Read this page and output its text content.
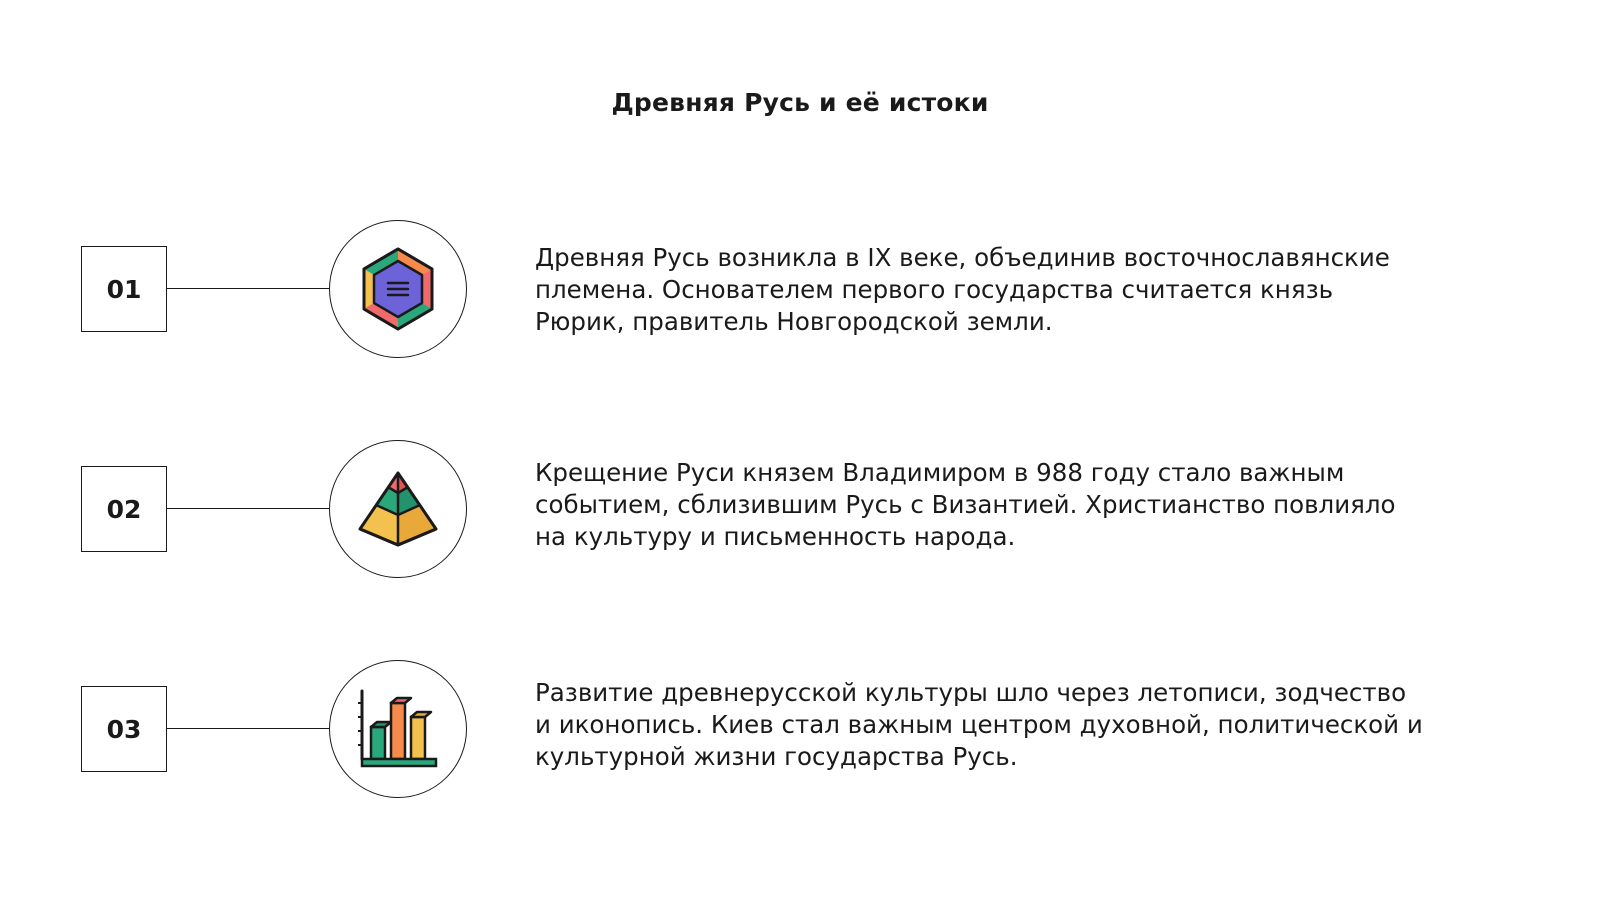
Древняя Русь и её истоки
01
Древняя Русь возникла в IX веке, объединив восточнославянские
племена. Основателем первого государства считается князь
Рюрик, правитель Новгородской земли.
02
Крещение Руси князем Владимиром в 988 году стало важным
событием, сблизившим Русь с Византией. Христианство повлияло
на культуру и письменность народа.
03
Развитие древнерусской культуры шло через летописи, зодчество
и иконопись. Киев стал важным центром духовной, политической и
культурной жизни государства Русь.
